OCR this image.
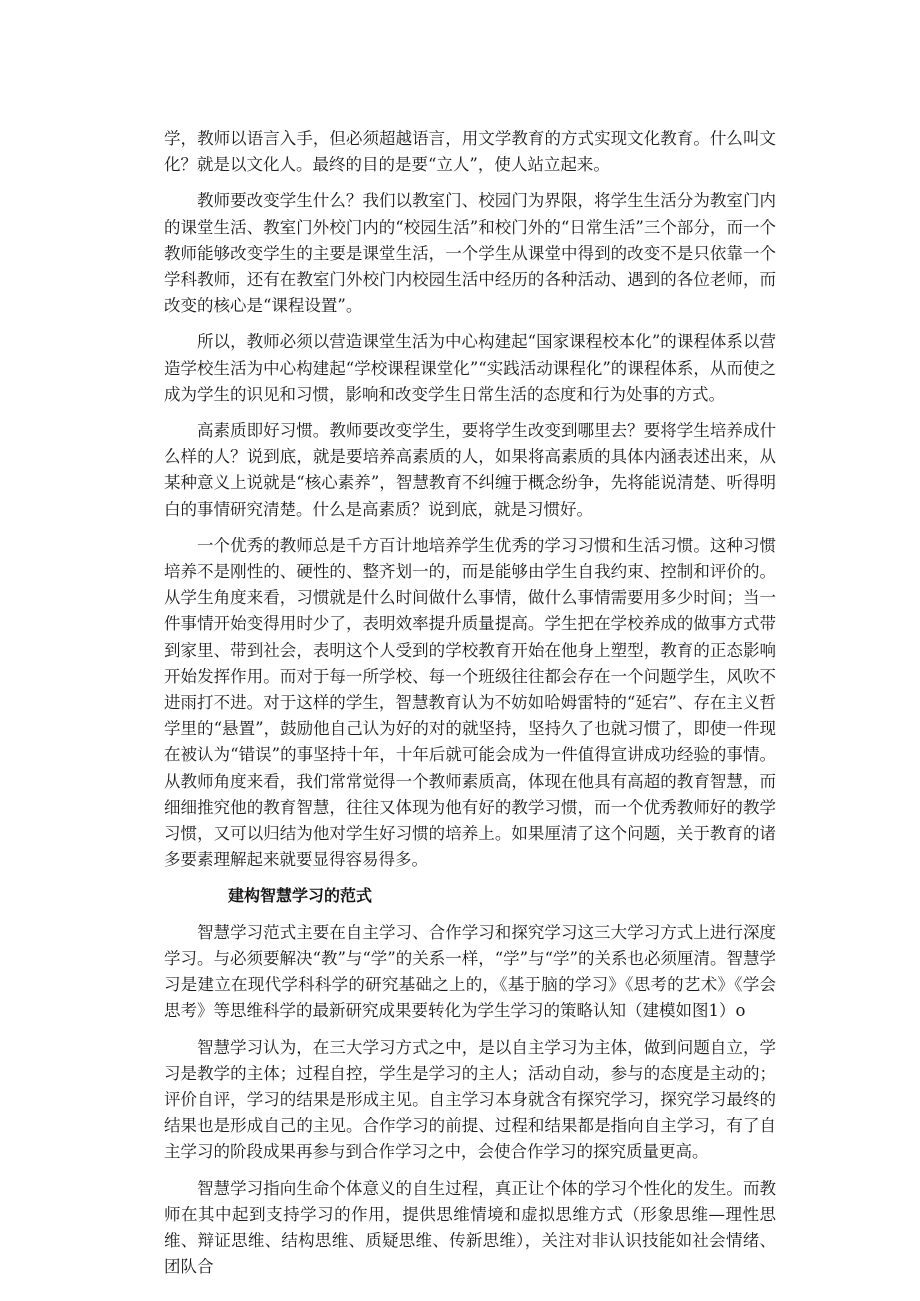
学，教师以语言入手，但必须超越语言，用文学教育的方式实现文化教育。什么叫文化？就是以文化人。最终的目的是要“立人”，使人站立起来。

教师要改变学生什么？我们以教室门、校园门为界限，将学生生活分为教室门内的课堂生活、教室门外校门内的“校园生活”和校门外的“日常生活”三个部分，而一个教师能够改变学生的主要是课堂生活，一个学生从课堂中得到的改变不是只依靠一个学科教师，还有在教室门外校门内校园生活中经历的各种活动、遇到的各位老师，而改变的核心是“课程设置”。

所以，教师必须以营造课堂生活为中心构建起“国家课程校本化”的课程体系以营造学校生活为中心构建起“学校课程课堂化”“实践活动课程化”的课程体系，从而使之成为学生的识见和习惯，影响和改变学生日常生活的态度和行为处事的方式。

高素质即好习惯。教师要改变学生，要将学生改变到哪里去？要将学生培养成什么样的人？说到底，就是要培养高素质的人，如果将高素质的具体内涵表述出来，从某种意义上说就是“核心素养”，智慧教育不纠缠于概念纷争，先将能说清楚、听得明白的事情研究清楚。什么是高素质？说到底，就是习惯好。

一个优秀的教师总是千方百计地培养学生优秀的学习习惯和生活习惯。这种习惯培养不是刚性的、硬性的、整齐划一的，而是能够由学生自我约束、控制和评价的。从学生角度来看，习惯就是什么时间做什么事情，做什么事情需要用多少时间；当一件事情开始变得用时少了，表明效率提升质量提高。学生把在学校养成的做事方式带到家里、带到社会，表明这个人受到的学校教育开始在他身上塑型，教育的正态影响开始发挥作用。而对于每一所学校、每一个班级往往都会存在一个问题学生，风吹不进雨打不进。对于这样的学生，智慧教育认为不妨如哈姆雷特的“延宕”、存在主义哲学里的“悬置”，鼓励他自己认为好的对的就坚持，坚持久了也就习惯了，即使一件现在被认为“错误”的事坚持十年，十年后就可能会成为一件值得宣讲成功经验的事情。从教师角度来看，我们常常觉得一个教师素质高，体现在他具有高超的教育智慧，而细细推究他的教育智慧，往往又体现为他有好的教学习惯，而一个优秀教师好的教学习惯，又可以归结为他对学生好习惯的培养上。如果厘清了这个问题，关于教育的诸多要素理解起来就要显得容易得多。

建构智慧学习的范式

智慧学习范式主要在自主学习、合作学习和探究学习这三大学习方式上进行深度学习。与必须要解决“教”与“学”的关系一样，“学”与“学”的关系也必须厘清。智慧学习是建立在现代学科科学的研究基础之上的，《基于脑的学习》《思考的艺术》《学会思考》等思维科学的最新研究成果要转化为学生学习的策略认知（建模如图1）o

智慧学习认为，在三大学习方式之中，是以自主学习为主体，做到问题自立，学习是教学的主体；过程自控，学生是学习的主人；活动自动，参与的态度是主动的；评价自评，学习的结果是形成主见。自主学习本身就含有探究学习，探究学习最终的结果也是形成自己的主见。合作学习的前提、过程和结果都是指向自主学习，有了自主学习的阶段成果再参与到合作学习之中，会使合作学习的探究质量更高。

智慧学习指向生命个体意义的自生过程，真正让个体的学习个性化的发生。而教师在其中起到支持学习的作用，提供思维情境和虚拟思维方式（形象思维—理性思维、辩证思维、结构思维、质疑思维、传新思维），关注对非认识技能如社会情绪、团队合
